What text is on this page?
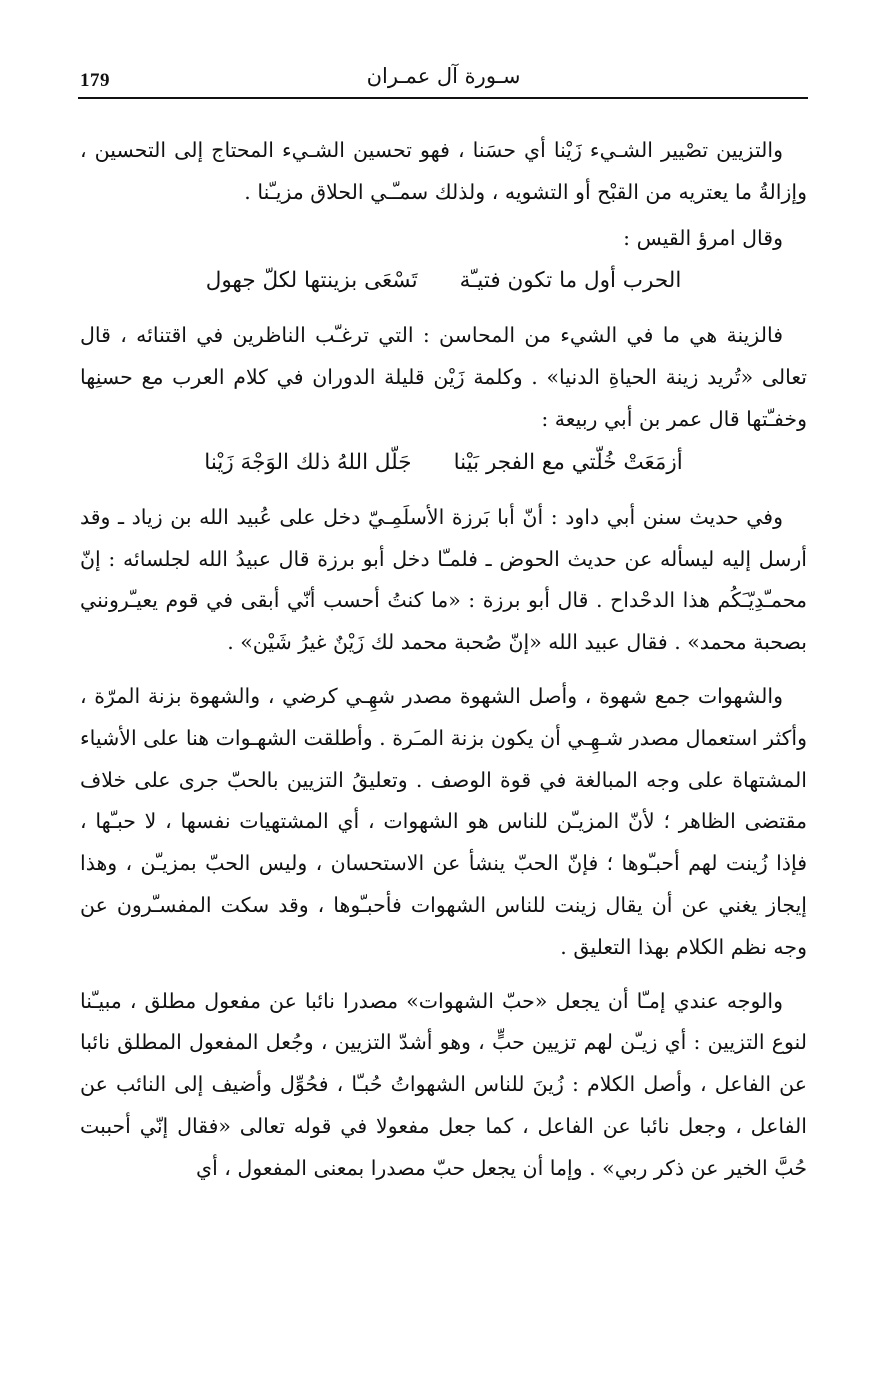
179	سـورة آل عمـران

والتزيين تصْيير الشـيء زَيْنا أي حسَنا ، فهو تحسين الشـيء المحتاج إلى التحسين ، وإزالةُ ما يعتريه من القبْح أو التشويه ، ولذلك سمـّـي الحلاق مزيـّنا .

وقال امرؤ القيس :

الحرب أول ما تكون فتيـّة
تَسْعَى بزينتها لكلّ جهول

فالزينة هي ما في الشيء من المحاسن : التي ترغـّب الناظرين في اقتنائه ، قال تعالى «تُريد زينة الحياةِ الدنيا» . وكلمة زَيْن قليلة الدوران في كلام العرب مع حسنِها وخفـّتها قال عمر بن أبي ربيعة :

أزمَعَتْ خُلّتي مع الفجر بَيْنا
جَلّل اللهُ ذلك الوَجْهَ زَيْنا

وفي حديث سنن أبي داود : أنّ أبا بَرزة الأسلَمِـيّ دخل على عُبيد الله بن زياد ـ وقد أرسل إليه ليسأله عن حديث الحوض ـ فلمـّا دخل أبو برزة قال عبيدُ الله لجلسائه : إنّ محمـّدِيّـَكُم هذا الدحْداح . قال أبو برزة : «ما كنتُ أحسب أنّي أبقى في قوم يعيـّرونني بصحبة محمد» . فقال عبيد الله «إنّ صُحبة محمد لك زَيْنٌ غيرُ شَيْن» .

والشهوات جمع شهوة ، وأصل الشهوة مصدر شهِـي كرضي ، والشهوة بزنة المرّة ، وأكثر استعمال مصدر شـهِـي أن يكون بزنة المـَرة . وأطلقت الشهـوات هنا على الأشياء المشتهاة على وجه المبالغة في قوة الوصف . وتعليقُ التزيين بالحبّ جرى على خلاف مقتضى الظاهر ؛ لأنّ المزيـّن للناس هو الشهوات ، أي المشتهيات نفسها ، لا حبـّها ، فإذا زُينت لهم أحبـّوها ؛ فإنّ الحبّ ينشأ عن الاستحسان ، وليس الحبّ بمزيـّن ، وهذا إيجاز يغني عن أن يقال زينت للناس الشهوات فأحبـّوها ، وقد سكت المفسـّرون عن وجه نظم الكلام بهذا التعليق .

والوجه عندي إمـّا أن يجعل «حبّ الشهوات» مصدرا نائبا عن مفعول مطلق ، مبيـّنا لنوع التزيين : أي زيـّن لهم تزيين حبٍّ ، وهو أشدّ التزيين ، وجُعل المفعول المطلق نائبا عن الفاعل ، وأصل الكلام : زُينَ للناس الشهواتُ حُبـّا ، فحُوِّل وأضيف إلى النائب عن الفاعل ، وجعل نائبا عن الفاعل ، كما جعل مفعولا في قوله تعالى «فقال إنّي أحببت حُبَّ الخير عن ذكر ربي» . وإما أن يجعل حبّ مصدرا بمعنى المفعول ، أي
